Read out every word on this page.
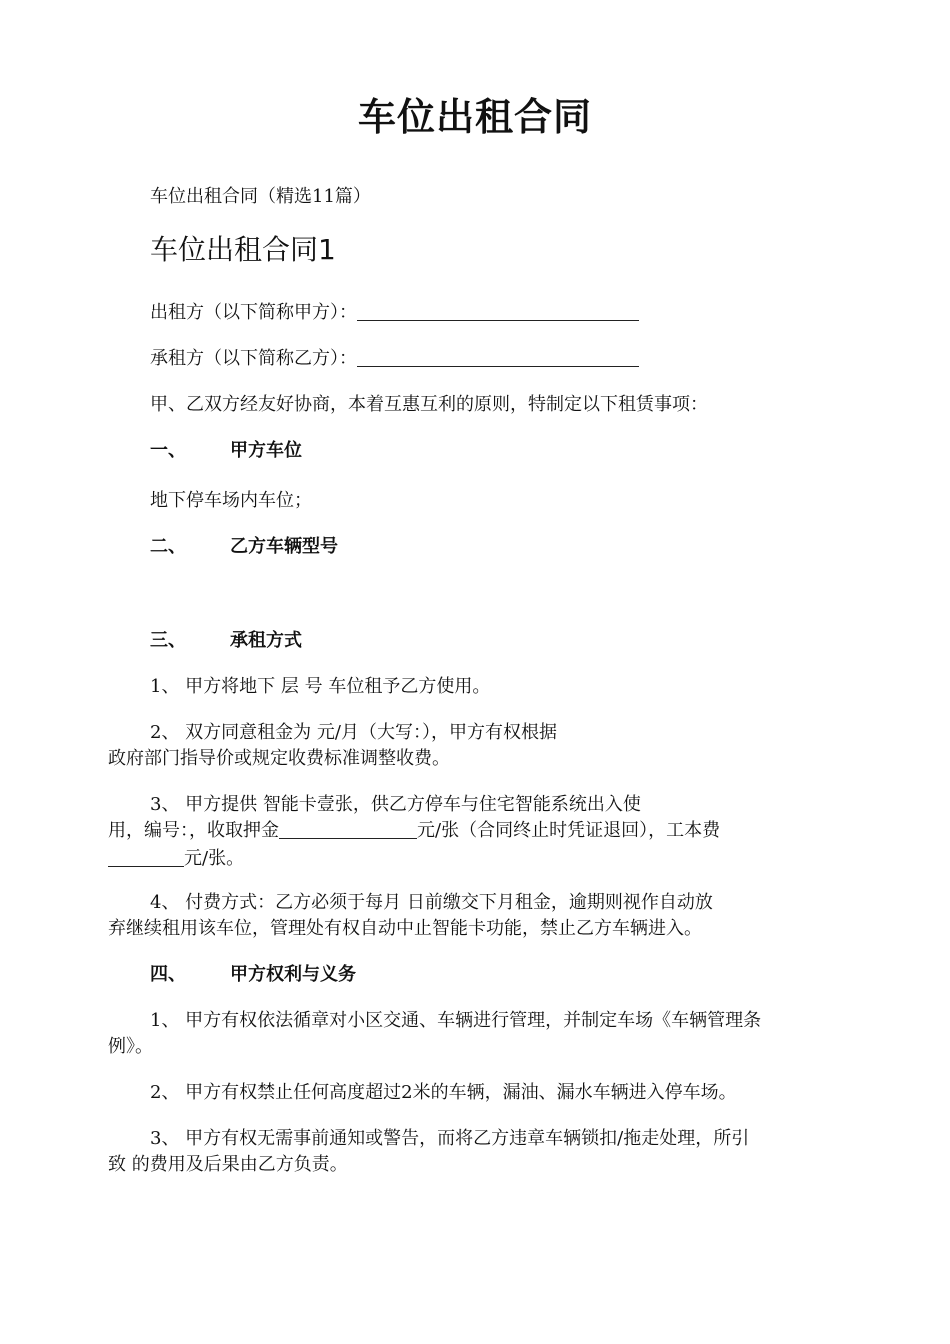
车位出租合同
车位出租合同（精选11篇）
车位出租合同1
出租方（以下简称甲方）：
承租方（以下简称乙方）：
甲、乙双方经友好协商，本着互惠互利的原则，特制定以下租赁事项：
一、 甲方车位
地下停车场内车位；
二、 乙方车辆型号
三、 承租方式
1、 甲方将地下 层 号 车位租予乙方使用。
2、 双方同意租金为 元/月（大写：），甲方有权根据
政府部门指导价或规定收费标准调整收费。
3、 甲方提供 智能卡壹张，供乙方停车与住宅智能系统出入使
用，编号：，收取押金	元/张（合同终止时凭证退回），工本费
元/张。
4、 付费方式：乙方必须于每月 日前缴交下月租金，逾期则视作自动放
弃继续租用该车位，管理处有权自动中止智能卡功能，禁止乙方车辆进入。
四、 甲方权利与义务
1、 甲方有权依法循章对小区交通、车辆进行管理，并制定车场《车辆管理条
例》。
2、 甲方有权禁止任何高度超过2米的车辆，漏油、漏水车辆进入停车场。
3、 甲方有权无需事前通知或警告，而将乙方违章车辆锁扣/拖走处理，所引
致 的费用及后果由乙方负责。
